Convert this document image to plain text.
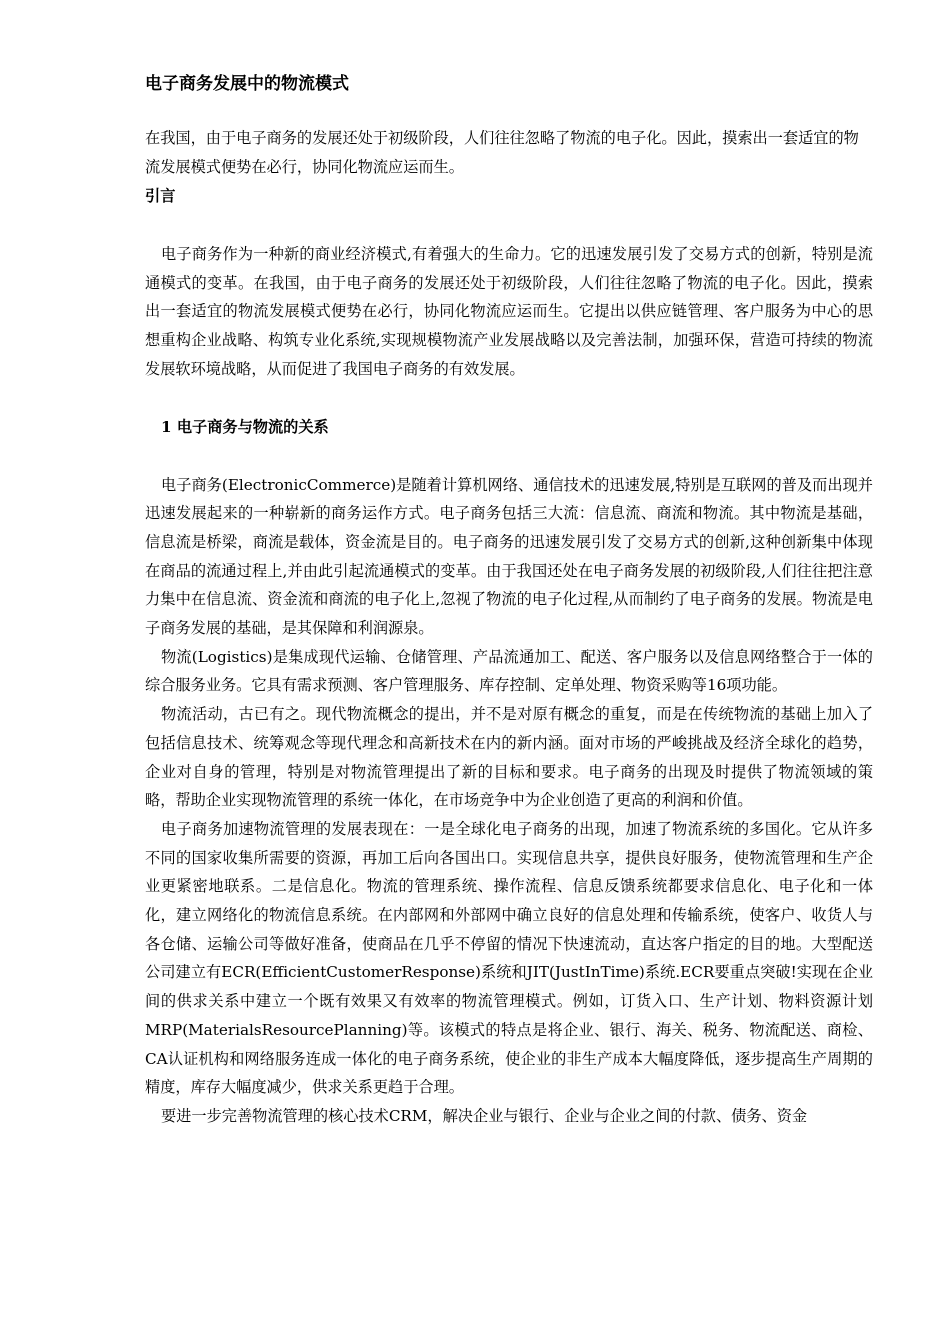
电子商务发展中的物流模式

在我国，由于电子商务的发展还处于初级阶段，人们往往忽略了物流的电子化。因此，摸索出一套适宜的物流发展模式便势在必行，协同化物流应运而生。

引言

电子商务作为一种新的商业经济模式,有着强大的生命力。它的迅速发展引发了交易方式的创新，特别是流通模式的变革。在我国，由于电子商务的发展还处于初级阶段，人们往往忽略了物流的电子化。因此，摸索出一套适宜的物流发展模式便势在必行，协同化物流应运而生。它提出以供应链管理、客户服务为中心的思想重构企业战略、构筑专业化系统,实现规模物流产业发展战略以及完善法制，加强环保，营造可持续的物流发展软环境战略，从而促进了我国电子商务的有效发展。

1 电子商务与物流的关系

电子商务(ElectronicCommerce)是随着计算机网络、通信技术的迅速发展,特别是互联网的普及而出现并迅速发展起来的一种崭新的商务运作方式。电子商务包括三大流：信息流、商流和物流。其中物流是基础，信息流是桥梁，商流是载体，资金流是目的。电子商务的迅速发展引发了交易方式的创新,这种创新集中体现在商品的流通过程上,并由此引起流通模式的变革。由于我国还处在电子商务发展的初级阶段,人们往往把注意力集中在信息流、资金流和商流的电子化上,忽视了物流的电子化过程,从而制约了电子商务的发展。物流是电子商务发展的基础，是其保障和利润源泉。

物流(Logistics)是集成现代运输、仓储管理、产品流通加工、配送、客户服务以及信息网络整合于一体的综合服务业务。它具有需求预测、客户管理服务、库存控制、定单处理、物资采购等16项功能。

物流活动，古已有之。现代物流概念的提出，并不是对原有概念的重复，而是在传统物流的基础上加入了包括信息技术、统筹观念等现代理念和高新技术在内的新内涵。面对市场的严峻挑战及经济全球化的趋势，企业对自身的管理，特别是对物流管理提出了新的目标和要求。电子商务的出现及时提供了物流领域的策略，帮助企业实现物流管理的系统一体化，在市场竞争中为企业创造了更高的利润和价值。

电子商务加速物流管理的发展表现在：一是全球化电子商务的出现，加速了物流系统的多国化。它从许多不同的国家收集所需要的资源，再加工后向各国出口。实现信息共享，提供良好服务，使物流管理和生产企业更紧密地联系。二是信息化。物流的管理系统、操作流程、信息反馈系统都要求信息化、电子化和一体化，建立网络化的物流信息系统。在内部网和外部网中确立良好的信息处理和传输系统，使客户、收货人与各仓储、运输公司等做好准备，使商品在几乎不停留的情况下快速流动，直达客户指定的目的地。大型配送公司建立有ECR(EfficientCustomerResponse)系统和JIT(JustInTime)系统.ECR要重点突破!实现在企业间的供求关系中建立一个既有效果又有效率的物流管理模式。例如，订货入口、生产计划、物料资源计划MRP(MaterialsResourcePlanning)等。该模式的特点是将企业、银行、海关、税务、物流配送、商检、CA认证机构和网络服务连成一体化的电子商务系统，使企业的非生产成本大幅度降低，逐步提高生产周期的精度，库存大幅度减少，供求关系更趋于合理。

要进一步完善物流管理的核心技术CRM，解决企业与银行、企业与企业之间的付款、债务、资金
